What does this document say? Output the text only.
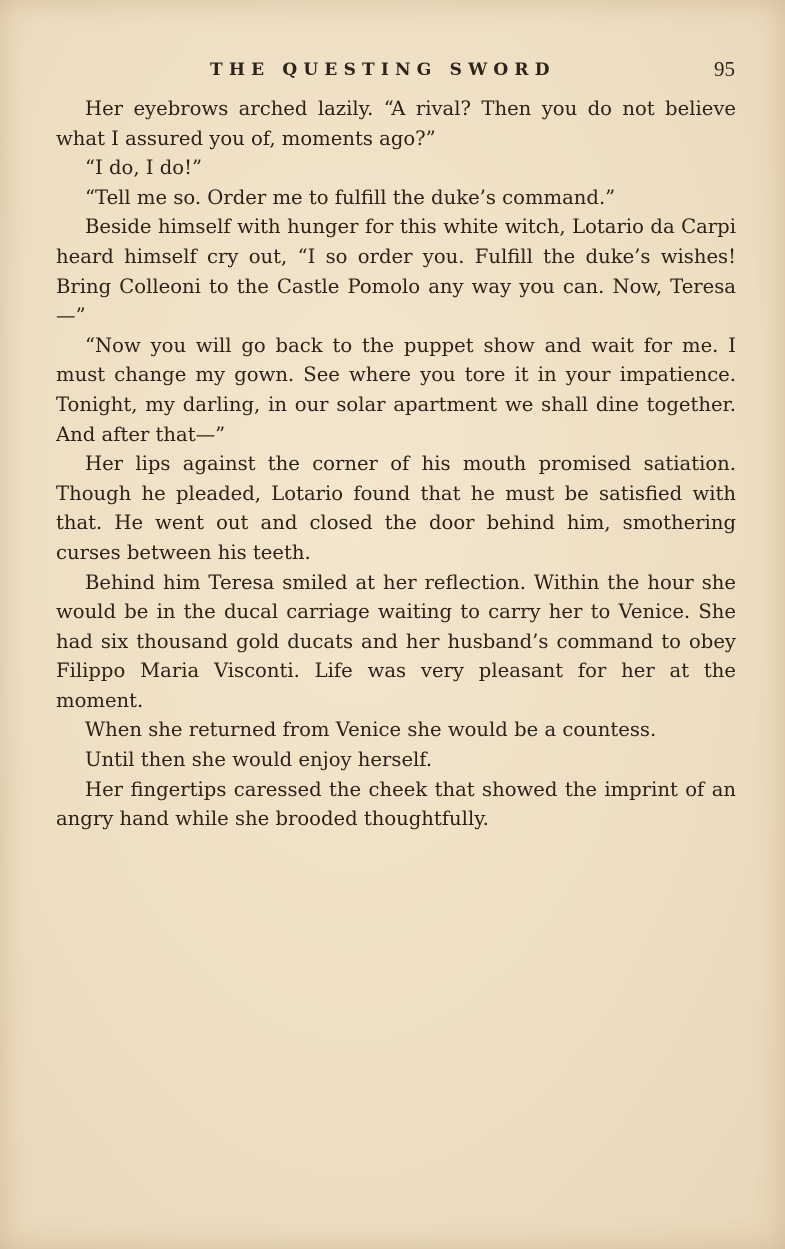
THE QUESTING SWORD	95

Her eyebrows arched lazily. “A rival? Then you do not believe what I assured you of, moments ago?”

“I do, I do!”

“Tell me so. Order me to fulfill the duke’s command.”

Beside himself with hunger for this white witch, Lotario da Carpi heard himself cry out, “I so order you. Fulfill the duke’s wishes! Bring Colleoni to the Castle Pomolo any way you can. Now, Teresa—”

“Now you will go back to the puppet show and wait for me. I must change my gown. See where you tore it in your impatience. Tonight, my darling, in our solar apartment we shall dine together. And after that—”

Her lips against the corner of his mouth promised satiation. Though he pleaded, Lotario found that he must be satisfied with that. He went out and closed the door behind him, smothering curses between his teeth.

Behind him Teresa smiled at her reflection. Within the hour she would be in the ducal carriage waiting to carry her to Venice. She had six thousand gold ducats and her husband’s command to obey Filippo Maria Visconti. Life was very pleasant for her at the moment.

When she returned from Venice she would be a countess.

Until then she would enjoy herself.

Her fingertips caressed the cheek that showed the imprint of an angry hand while she brooded thoughtfully.
